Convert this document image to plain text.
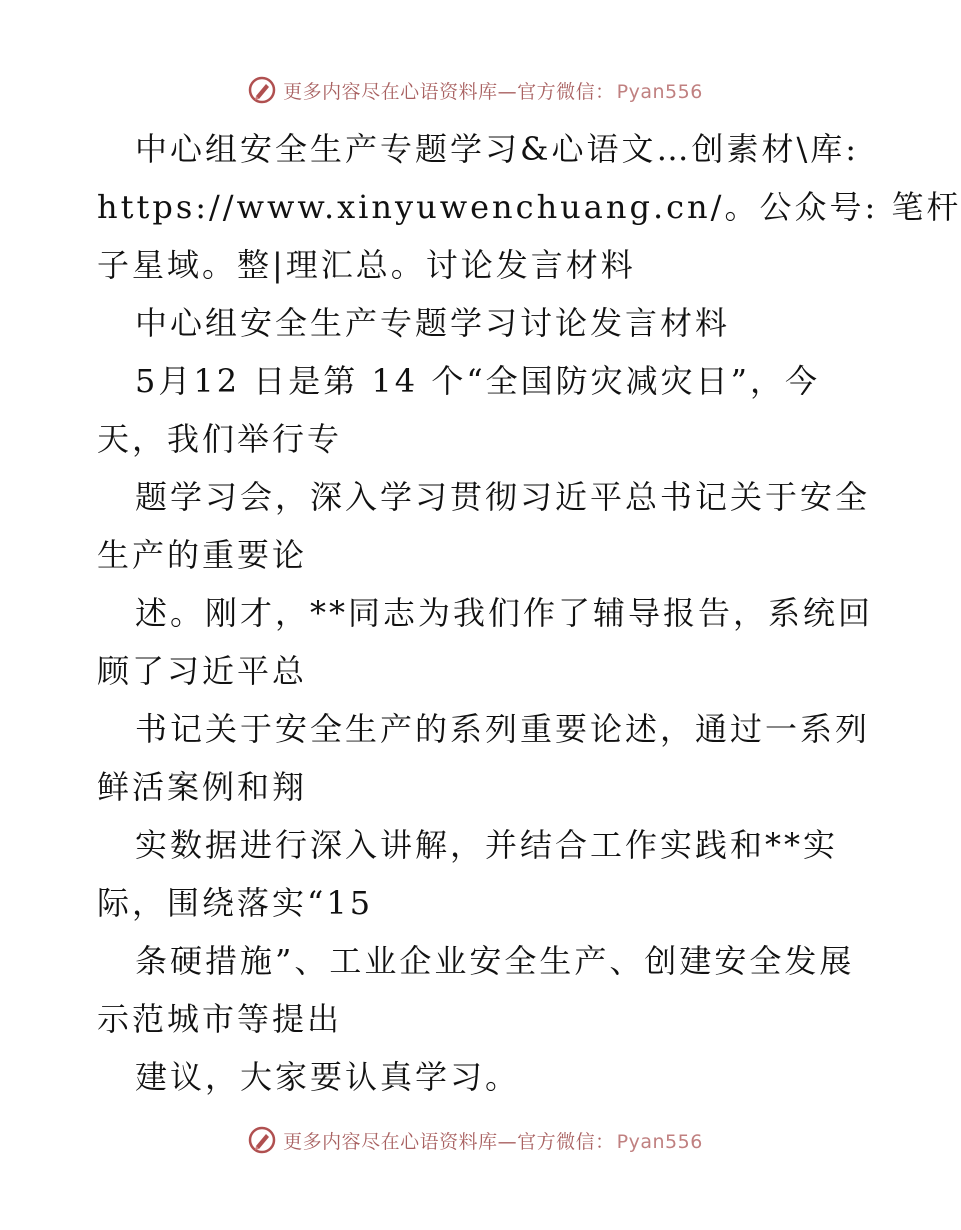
更多内容尽在心语资料库—官方微信： Pyan556
中心组安全生产专题学习&心语文…创素材\库:
https://www.xinyuwenchuang.cn/。公众号: 笔杆
子星域。整|理汇总。讨论发言材料
中心组安全生产专题学习讨论发言材料
5月12 日是第 14 个“全国防灾减灾日”，今
天，我们举行专
题学习会，深入学习贯彻习近平总书记关于安全
生产的重要论
述。刚才，**同志为我们作了辅导报告，系统回
顾了习近平总
书记关于安全生产的系列重要论述，通过一系列
鲜活案例和翔
实数据进行深入讲解，并结合工作实践和**实
际，围绕落实“15
条硬措施”、工业企业安全生产、创建安全发展
示范城市等提出
建议，大家要认真学习。
更多内容尽在心语资料库—官方微信： Pyan556
